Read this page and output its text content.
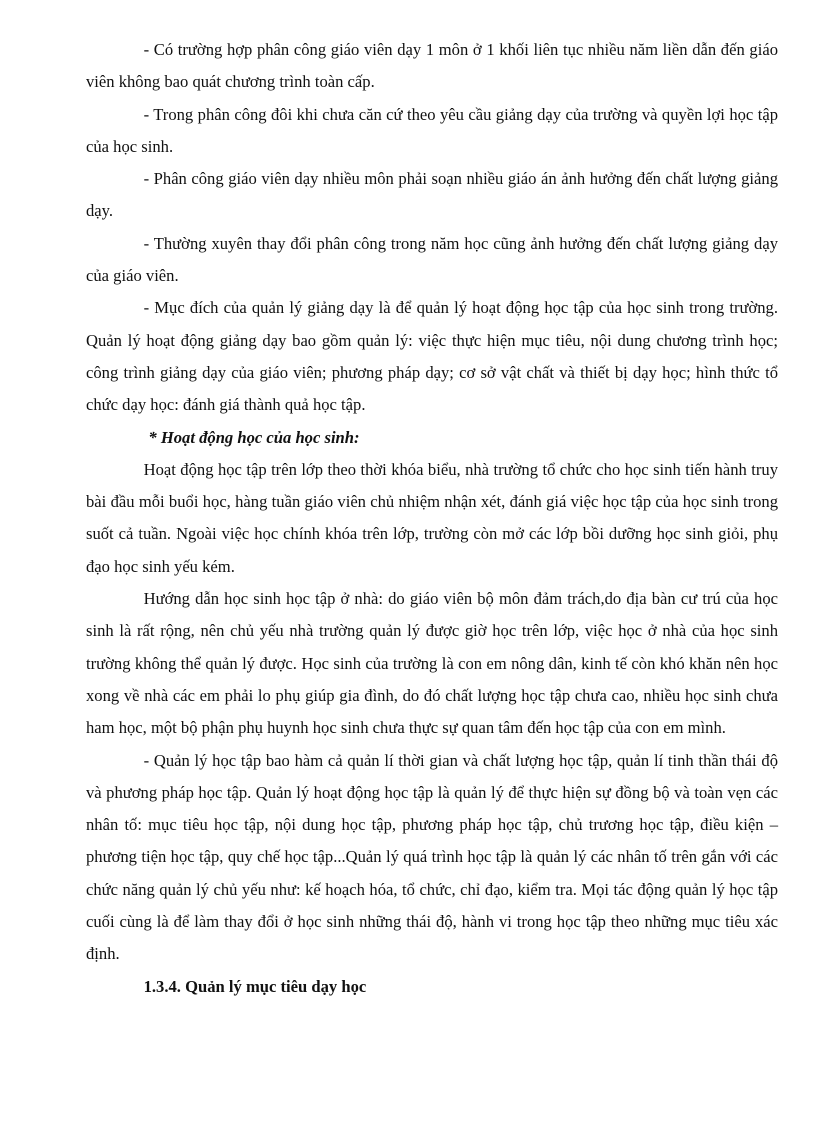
- Có trường hợp phân công giáo viên dạy 1 môn ở 1 khối liên tục nhiều năm liền dẫn đến giáo viên không bao quát chương trình toàn cấp.

- Trong phân công đôi khi chưa căn cứ theo yêu cầu giảng dạy của trường và quyền lợi học tập của học sinh.

- Phân công giáo viên dạy nhiều môn phải soạn nhiều giáo án ảnh hưởng đến chất lượng giảng dạy.

- Thường xuyên thay đổi phân công trong năm học cũng ảnh hưởng đến chất lượng giảng dạy của giáo viên.

- Mục đích của quản lý giảng dạy là để quản lý hoạt động học tập của học sinh trong trường. Quản lý hoạt động giảng dạy bao gồm quản lý: việc thực hiện mục tiêu, nội dung chương trình học; công trình giảng dạy của giáo viên; phương pháp dạy; cơ sở vật chất và thiết bị dạy học; hình thức tổ chức dạy học: đánh giá thành quả học tập.

* Hoạt động học của học sinh:

Hoạt động học tập trên lớp theo thời khóa biểu, nhà trường tổ chức cho học sinh tiến hành truy bài đầu mỗi buổi học, hàng tuần giáo viên chủ nhiệm nhận xét, đánh giá việc học tập của học sinh trong suốt cả tuần. Ngoài việc học chính khóa trên lớp, trường còn mở các lớp bồi dưỡng học sinh giỏi, phụ đạo học sinh yếu kém.

Hướng dẫn học sinh học tập ở nhà: do giáo viên bộ môn đảm trách,do địa bàn cư trú của học sinh là rất rộng, nên chủ yếu nhà trường quản lý được giờ học trên lớp, việc học ở nhà của học sinh trường không thể quản lý được. Học sinh của trường là con em nông dân, kinh tế còn khó khăn nên học xong về nhà các em phải lo phụ giúp gia đình, do đó chất lượng học tập chưa cao, nhiều học sinh chưa ham học, một bộ phận phụ huynh học sinh chưa thực sự quan tâm đến học tập của con em mình.

- Quản lý học tập bao hàm cả quản lí thời gian và chất lượng học tập, quản lí tinh thần thái độ và phương pháp học tập. Quản lý hoạt động học tập là quản lý để thực hiện sự đồng bộ và toàn vẹn các nhân tố: mục tiêu học tập, nội dung học tập, phương pháp học tập, chủ trương học tập, điều kiện – phương tiện học tập, quy chế học tập...Quản lý quá trình học tập là quản lý các nhân tố trên gắn với các chức năng quản lý chủ yếu như: kế hoạch hóa, tổ chức, chỉ đạo, kiểm tra. Mọi tác động quản lý học tập cuối cùng là để làm thay đổi ở học sinh những thái độ, hành vi trong học tập theo những mục tiêu xác định.

1.3.4. Quản lý mục tiêu dạy học
